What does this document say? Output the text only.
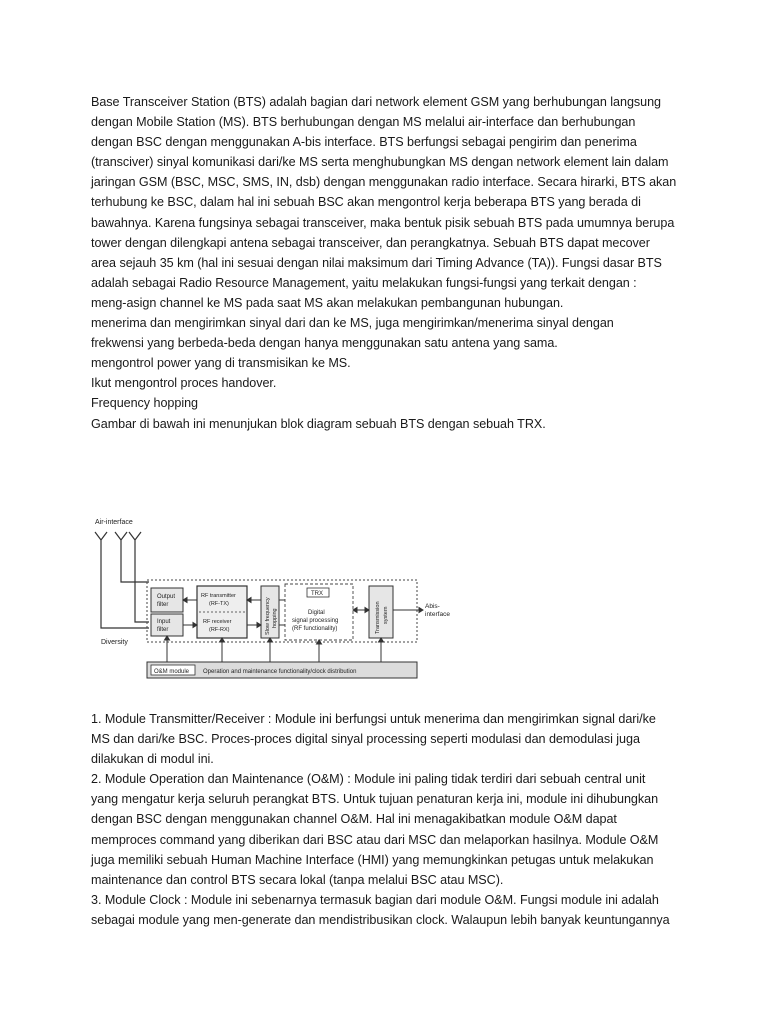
Base Transceiver Station (BTS) adalah bagian dari network element GSM yang berhubungan langsung
dengan Mobile Station (MS). BTS berhubungan dengan MS melalui air-interface dan berhubungan
dengan BSC dengan menggunakan A-bis interface. BTS berfungsi sebagai pengirim dan penerima
(transciver) sinyal komunikasi dari/ke MS serta menghubungkan MS dengan network element lain dalam
jaringan GSM (BSC, MSC, SMS, IN, dsb) dengan menggunakan radio interface. Secara hirarki, BTS akan
terhubung ke BSC, dalam hal ini sebuah BSC akan mengontrol kerja beberapa BTS yang berada di
bawahnya. Karena fungsinya sebagai transceiver, maka bentuk pisik sebuah BTS pada umumnya berupa
tower dengan dilengkapi antena sebagai transceiver, dan perangkatnya. Sebuah BTS dapat mecover
area sejauh 35 km (hal ini sesuai dengan nilai maksimum dari Timing Advance (TA)). Fungsi dasar BTS
adalah sebagai Radio Resource Management, yaitu melakukan fungsi-fungsi yang terkait dengan :
meng-asign channel ke MS pada saat MS akan melakukan pembangunan hubungan.
menerima dan mengirimkan sinyal dari dan ke MS, juga mengirimkan/menerima sinyal dengan
frekwensi yang berbeda-beda dengan hanya menggunakan satu antena yang sama.
mengontrol power yang di transmisikan ke MS.
Ikut mengontrol proces handover.
Frequency hopping
Gambar di bawah ini menunjukan blok diagram sebuah BTS dengan sebuah TRX.
Air-interface
Diversity
Output
filter
Input
filter
RF transmitter
(RF-TX)
RF receiver
(RF-RX)	Slow frequency hopping
TRX
Digital
signal processing
(RF functionality)	Transmission system
Abis-
interface
O&M module Operation and maintenance functionality/clock distribution
1. Module Transmitter/Receiver : Module ini berfungsi untuk menerima dan mengirimkan signal dari/ke
MS dan dari/ke BSC. Proces-proces digital sinyal processing seperti modulasi dan demodulasi juga
dilakukan di modul ini.
2. Module Operation dan Maintenance (O&M) : Module ini paling tidak terdiri dari sebuah central unit
yang mengatur kerja seluruh perangkat BTS. Untuk tujuan penaturan kerja ini, module ini dihubungkan
dengan BSC dengan menggunakan channel O&M. Hal ini menagakibatkan module O&M dapat
memproces command yang diberikan dari BSC atau dari MSC dan melaporkan hasilnya. Module O&M
juga memiliki sebuah Human Machine Interface (HMI) yang memungkinkan petugas untuk melakukan
maintenance dan control BTS secara lokal (tanpa melalui BSC atau MSC).
3. Module Clock : Module ini sebenarnya termasuk bagian dari module O&M. Fungsi module ini adalah
sebagai module yang men-generate dan mendistribusikan clock. Walaupun lebih banyak keuntungannya
